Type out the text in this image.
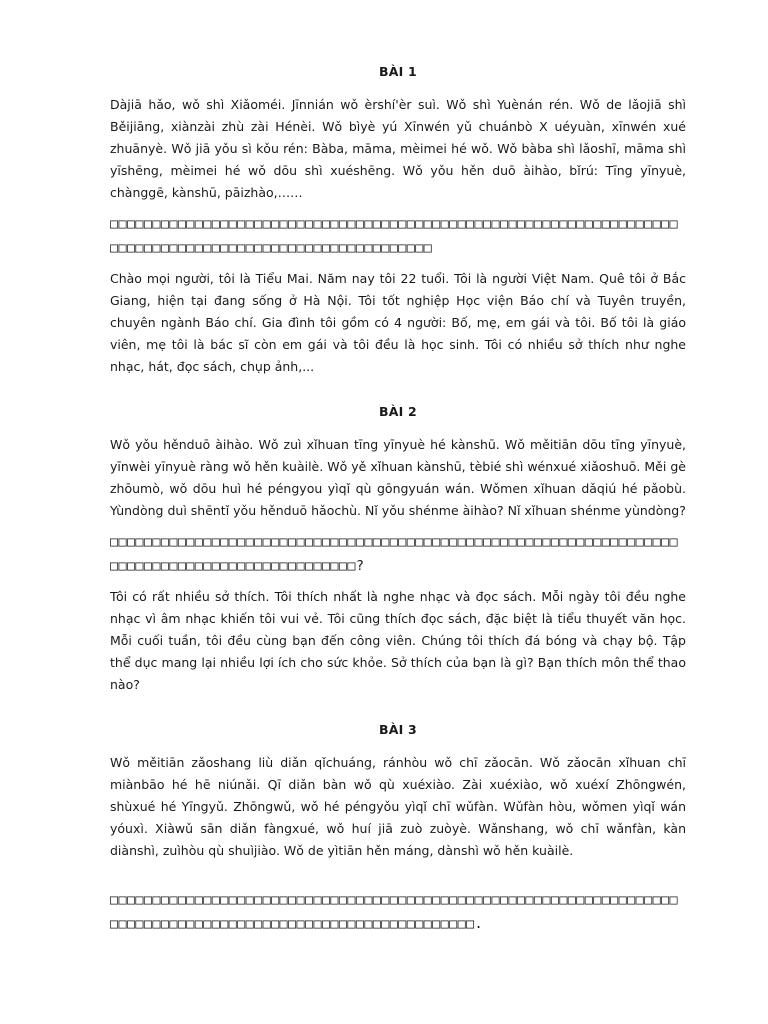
BÀI 1

Dàjiā hǎo, wǒ shì Xiǎoméi. Jīnnián wǒ èrshí'èr suì. Wǒ shì Yuènán rén. Wǒ de lǎojiā shì Běijiāng, xiànzài zhù zài Hénèi. Wǒ bìyè yú Xīnwén yǔ chuánbò X uéyuàn, xīnwén xué zhuānyè. Wǒ jiā yǒu sì kǒu rén: Bàba, māma, mèimei hé wǒ. Wǒ bàba shì lǎoshī, māma shì yīshēng, mèimei hé wǒ dōu shì xuéshēng. Wǒ yǒu hěn duō àihào, bǐrú: Tīng yīnyuè, chànggē, kànshū, pāizhào,……

□□□□□□□□□□□□□□□□□□□□□□□□□□□□□□□□□□□□□□□□□□□□□□□□□□□□□□□□□□□□□□□□□□□□□□□□□□□□□□□□□□□□□□□□□□□□□□□□□□□□□□□□□

Chào mọi người, tôi là Tiểu Mai. Năm nay tôi 22 tuổi. Tôi là người Việt Nam. Quê tôi ở Bắc Giang, hiện tại đang sống ở Hà Nội. Tôi tốt nghiệp Học viện Báo chí và Tuyên truyền, chuyên ngành Báo chí. Gia đình tôi gồm có 4 người: Bố, mẹ, em gái và tôi. Bố tôi là giáo viên, mẹ tôi là bác sĩ còn em gái và tôi đều là học sinh. Tôi có nhiều sở thích như nghe nhạc, hát, đọc sách, chụp ảnh,...

BÀI 2

Wǒ yǒu hěnduō àihào. Wǒ zuì xǐhuan tīng yīnyuè hé kànshū. Wǒ měitiān dōu tīng yīnyuè, yīnwèi yīnyuè ràng wǒ hěn kuàilè. Wǒ yě xǐhuan kànshū, tèbié shì wénxué xiǎoshuō. Měi gè zhōumò, wǒ dōu huì hé péngyou yìqǐ qù gōngyuán wán. Wǒmen xǐhuan dǎqiú hé pǎobù. Yùndòng duì shēntǐ yǒu hěnduō hǎochù. Nǐ yǒu shénme àihào? Nǐ xǐhuan shénme yùndòng?

□□□□□□□□□□□□□□□□□□□□□□□□□□□□□□□□□□□□□□□□□□□□□□□□□□□□□□□□□□□□□□□□□□□□□□□□□□□□□□□□□□□□□□□□□□□□□□□□?

Tôi có rất nhiều sở thích. Tôi thích nhất là nghe nhạc và đọc sách. Mỗi ngày tôi đều nghe nhạc vì âm nhạc khiến tôi vui vẻ. Tôi cũng thích đọc sách, đặc biệt là tiểu thuyết văn học. Mỗi cuối tuần, tôi đều cùng bạn đến công viên. Chúng tôi thích đá bóng và chạy bộ. Tập thể dục mang lại nhiều lợi ích cho sức khỏe. Sở thích của bạn là gì? Bạn thích môn thể thao nào?

BÀI 3

Wǒ měitiān zǎoshang liù diǎn qǐchuáng, ránhòu wǒ chī zǎocān. Wǒ zǎocān xǐhuan chī miànbāo hé hē niúnǎi. Qī diǎn bàn wǒ qù xuéxiào. Zài xuéxiào, wǒ xuéxí Zhōngwén, shùxué hé Yīngyǔ. Zhōngwǔ, wǒ hé péngyǒu yìqǐ chī wǔfàn. Wǔfàn hòu, wǒmen yìqǐ wán yóuxì. Xiàwǔ sān diǎn fàngxué, wǒ huí jiā zuò zuòyè. Wǎnshang, wǒ chī wǎnfàn, kàn diànshì, zuìhòu qù shuìjiào. Wǒ de yìtiān hěn máng, dànshì wǒ hěn kuàilè.

□□□□□□□□□□□□□□□□□□□□□□□□□□□□□□□□□□□□□□□□□□□□□□□□□□□□□□□□□□□□□□□□□□□□□□□□□□□□□□□□□□□□□□□□□□□□□□□□□□□□□□□□□□□□□□.
